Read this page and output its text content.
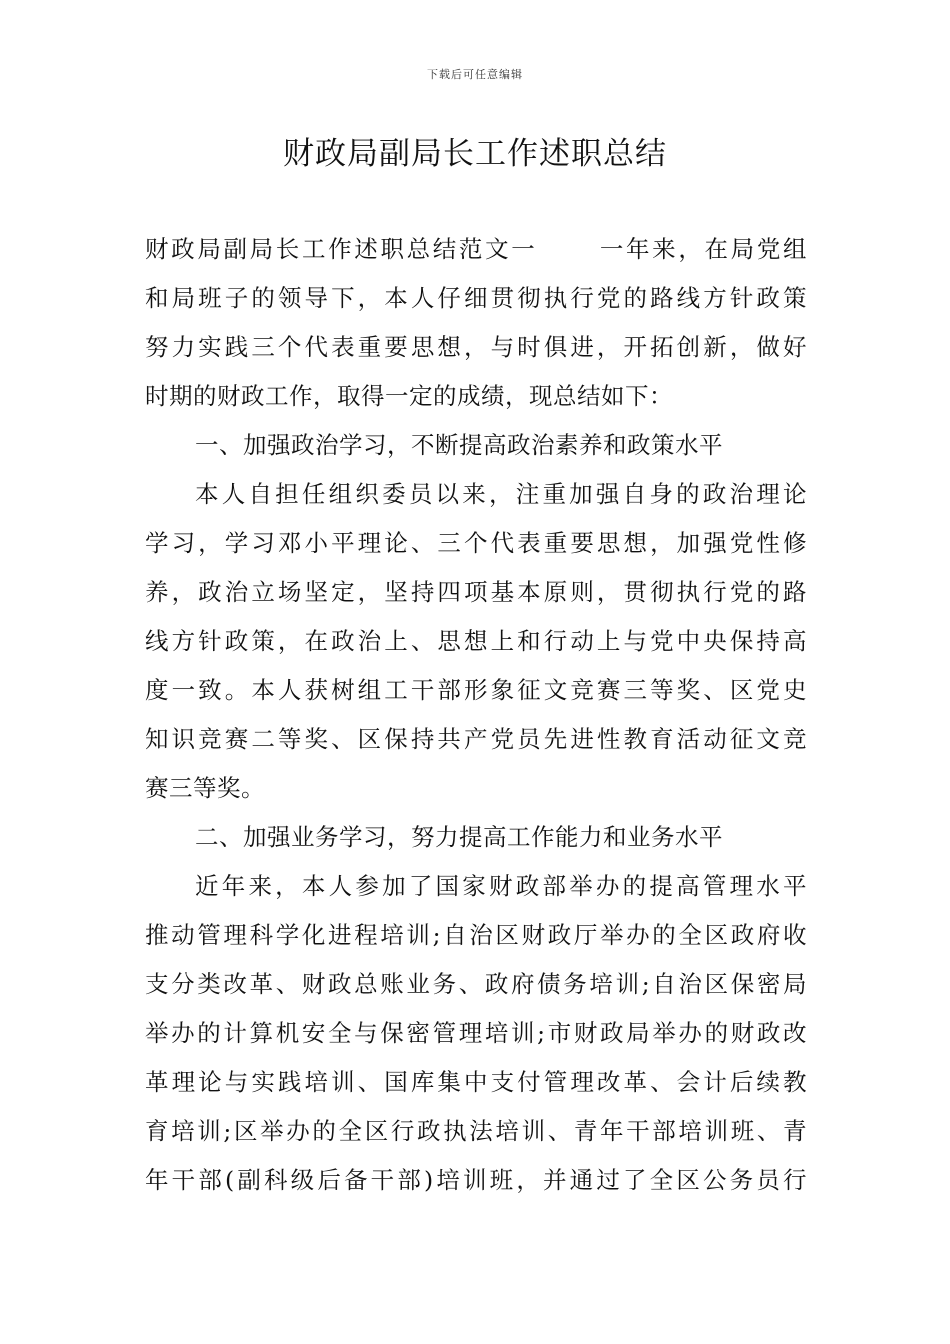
下载后可任意编辑
财政局副局长工作述职总结
财政局副局长工作述职总结范文一　　 一年来，在局党组
和局班子的领导下，本人仔细贯彻执行党的路线方针政策
努力实践三个代表重要思想，与时俱进，开拓创新，做好
时期的财政工作，取得一定的成绩，现总结如下：
一、加强政治学习，不断提高政治素养和政策水平
本人自担任组织委员以来，注重加强自身的政治理论
学习，学习邓小平理论、三个代表重要思想，加强党性修
养，政治立场坚定，坚持四项基本原则，贯彻执行党的路
线方针政策，在政治上、思想上和行动上与党中央保持高
度一致。本人获树组工干部形象征文竞赛三等奖、区党史
知识竞赛二等奖、区保持共产党员先进性教育活动征文竞
赛三等奖。
二、加强业务学习，努力提高工作能力和业务水平
近年来，本人参加了国家财政部举办的提高管理水平
推动管理科学化进程培训;自治区财政厅举办的全区政府收
支分类改革、财政总账业务、政府债务培训;自治区保密局
举办的计算机安全与保密管理培训;市财政局举办的财政改
革理论与实践培训、国库集中支付管理改革、会计后续教
育培训;区举办的全区行政执法培训、青年干部培训班、青
年干部(副科级后备干部)培训班，并通过了全区公务员行
